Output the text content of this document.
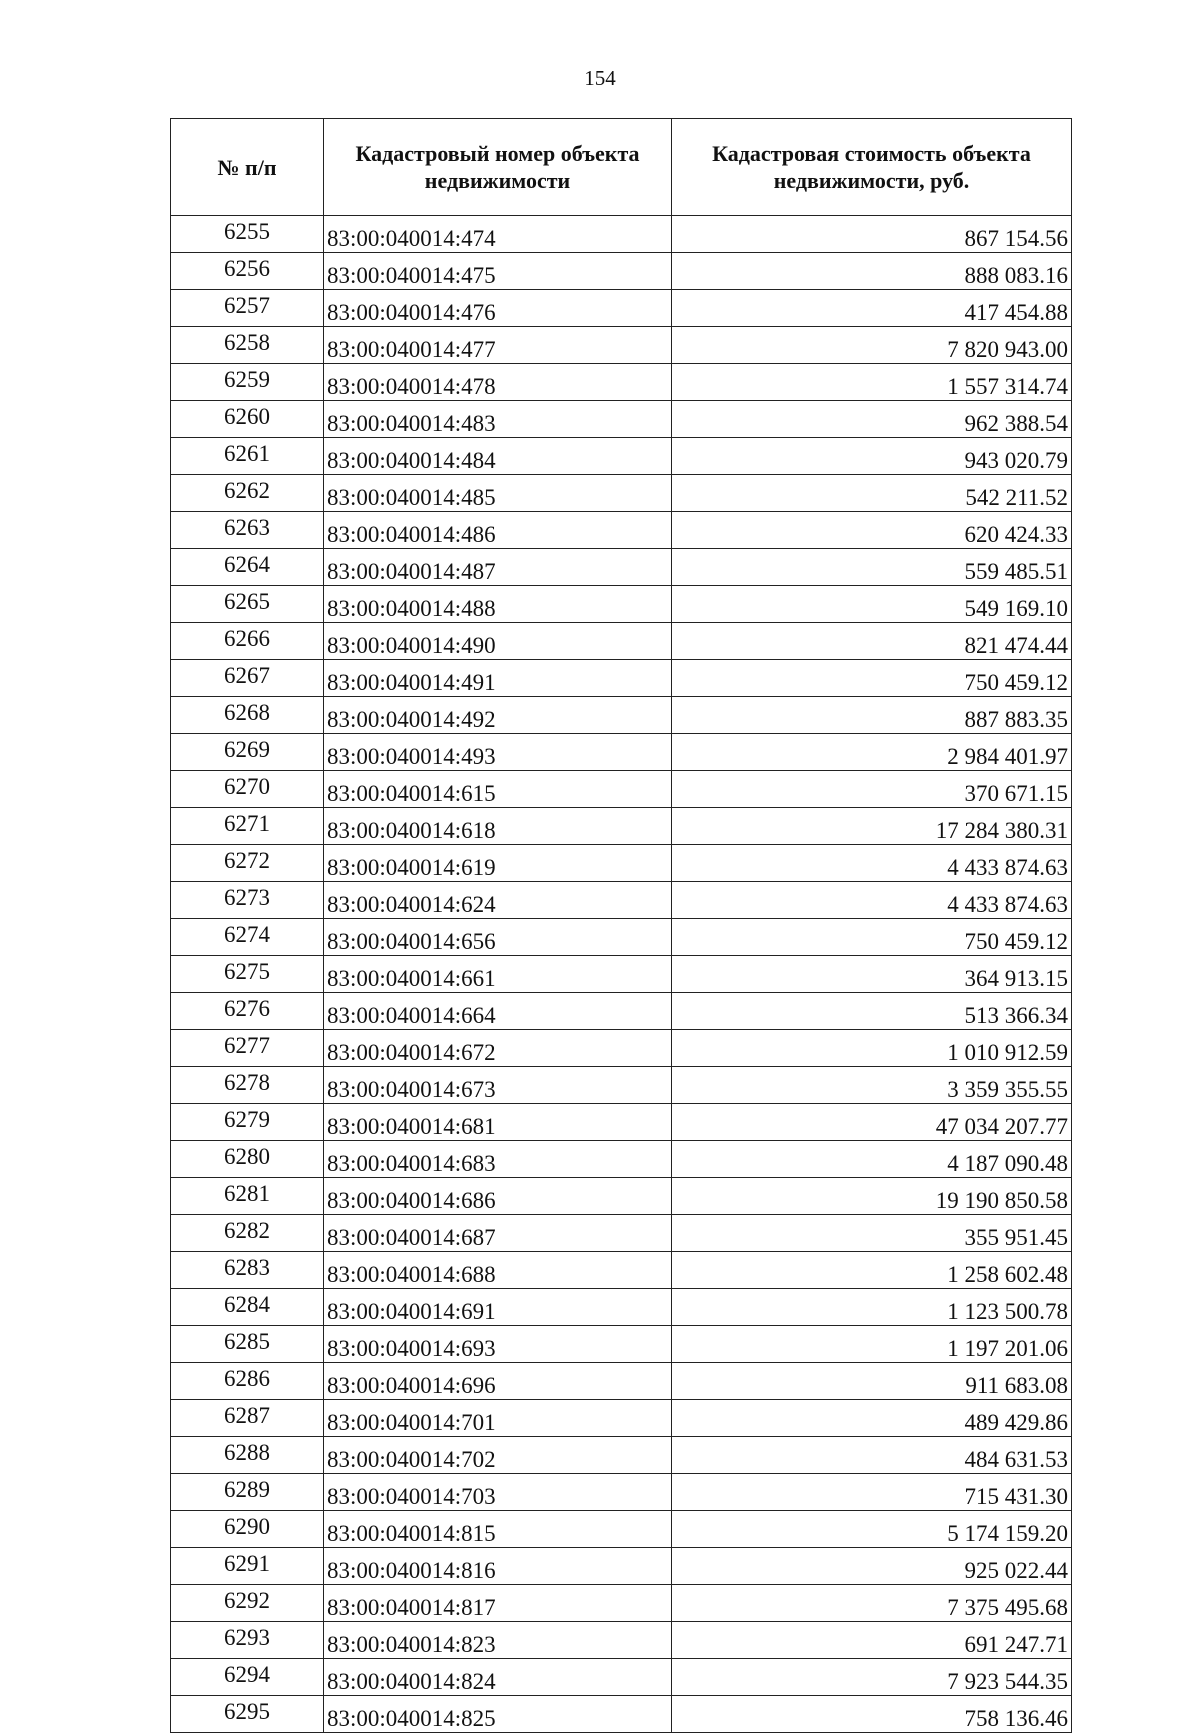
154
№ п/п	Кадастровый номер объекта недвижимости	Кадастровая стоимость объекта недвижимости, руб.
6255	83:00:040014:474	867 154.56
6256	83:00:040014:475	888 083.16
6257	83:00:040014:476	417 454.88
6258	83:00:040014:477	7 820 943.00
6259	83:00:040014:478	1 557 314.74
6260	83:00:040014:483	962 388.54
6261	83:00:040014:484	943 020.79
6262	83:00:040014:485	542 211.52
6263	83:00:040014:486	620 424.33
6264	83:00:040014:487	559 485.51
6265	83:00:040014:488	549 169.10
6266	83:00:040014:490	821 474.44
6267	83:00:040014:491	750 459.12
6268	83:00:040014:492	887 883.35
6269	83:00:040014:493	2 984 401.97
6270	83:00:040014:615	370 671.15
6271	83:00:040014:618	17 284 380.31
6272	83:00:040014:619	4 433 874.63
6273	83:00:040014:624	4 433 874.63
6274	83:00:040014:656	750 459.12
6275	83:00:040014:661	364 913.15
6276	83:00:040014:664	513 366.34
6277	83:00:040014:672	1 010 912.59
6278	83:00:040014:673	3 359 355.55
6279	83:00:040014:681	47 034 207.77
6280	83:00:040014:683	4 187 090.48
6281	83:00:040014:686	19 190 850.58
6282	83:00:040014:687	355 951.45
6283	83:00:040014:688	1 258 602.48
6284	83:00:040014:691	1 123 500.78
6285	83:00:040014:693	1 197 201.06
6286	83:00:040014:696	911 683.08
6287	83:00:040014:701	489 429.86
6288	83:00:040014:702	484 631.53
6289	83:00:040014:703	715 431.30
6290	83:00:040014:815	5 174 159.20
6291	83:00:040014:816	925 022.44
6292	83:00:040014:817	7 375 495.68
6293	83:00:040014:823	691 247.71
6294	83:00:040014:824	7 923 544.35
6295	83:00:040014:825	758 136.46
